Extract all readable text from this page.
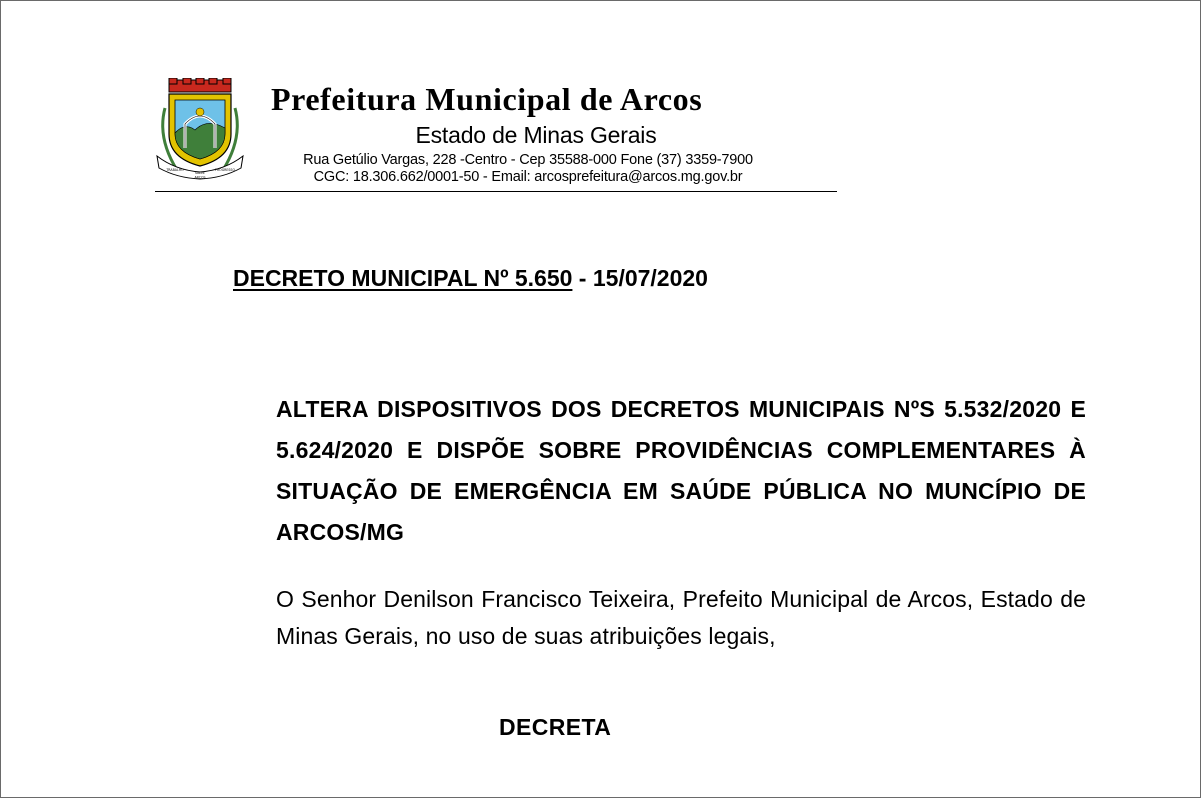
TRABALHO
SALVE
PROGRESSO
ARCOS
Prefeitura Municipal de Arcos
Estado de Minas Gerais
Rua Getúlio Vargas, 228 -Centro - Cep 35588-000 Fone (37) 3359-7900
CGC: 18.306.662/0001-50 - Email: arcosprefeitura@arcos.mg.gov.br
DECRETO MUNICIPAL Nº 5.650 - 15/07/2020
ALTERA DISPOSITIVOS DOS DECRETOS MUNICIPAIS NºS 5.532/2020 E 5.624/2020 E DISPÕE SOBRE PROVIDÊNCIAS COMPLEMENTARES À SITUAÇÃO DE EMERGÊNCIA EM SAÚDE PÚBLICA NO MUNCÍPIO DE ARCOS/MG
O Senhor Denilson Francisco Teixeira, Prefeito Municipal de Arcos, Estado de Minas Gerais, no uso de suas atribuições legais,
DECRETA
